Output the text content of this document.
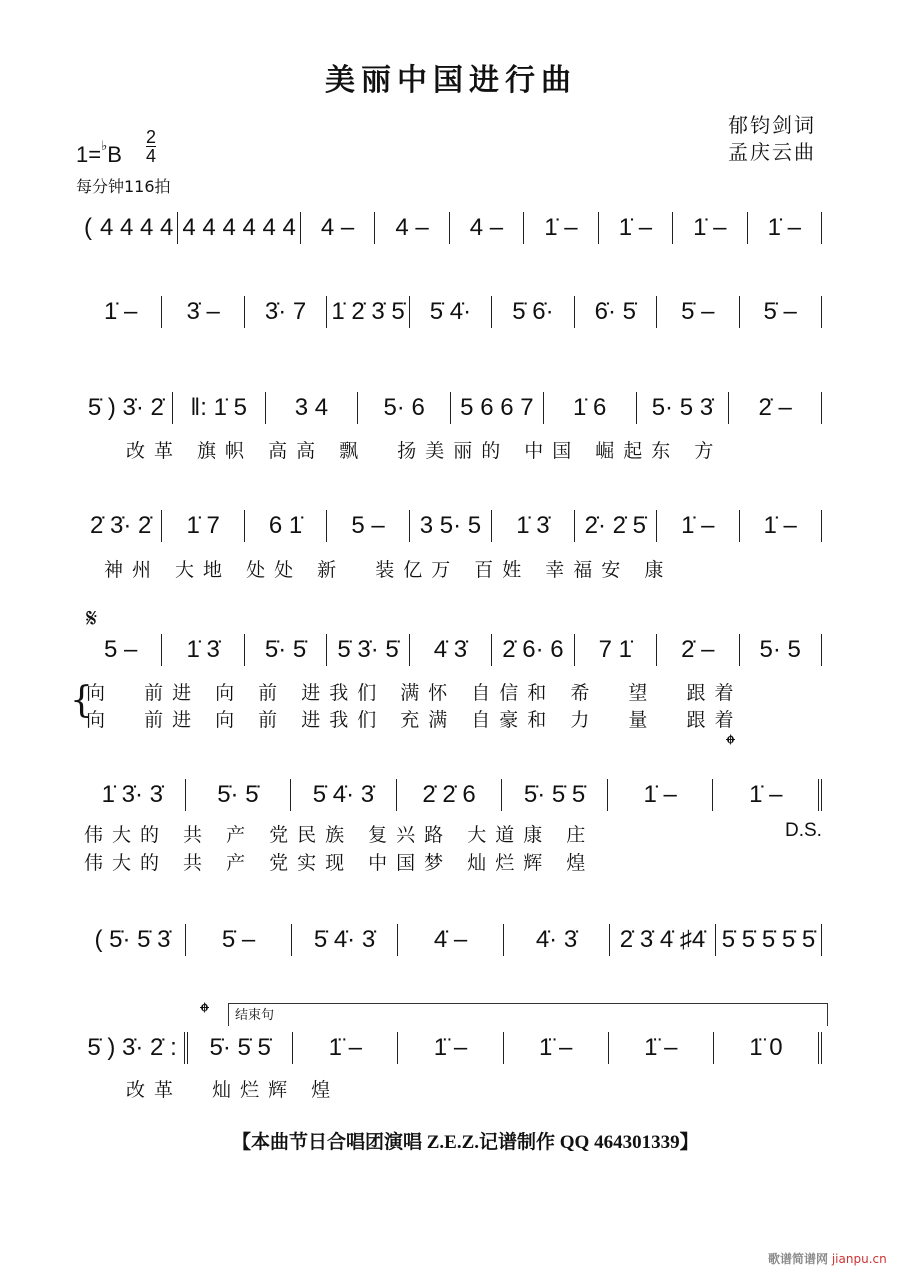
美丽中国进行曲
郁钧剑词
孟庆云曲
1=♭B
2
4
每分钟116拍
( 4 4 4 4 4 4 4 4 4 4	4 –	4 –	4 –	1̇ –	1̇ –	1̇ –	1̇ –
1̇ –	3̇ –	3̇· 7	1̇ 2̇ 3̇ 5̇	5̇ 4̇·	5̇ 6̇·	6̇· 5̇	5̇ –	5̇ –
5̇ ) 3̇· 2̇	‖: 1̇ 5	3 4	5· 6	5 6 6 7	1̇ 6	5· 5 3̇	2̇ –
2̇ 3̇· 2̇	1̇ 7	6 1̇	5 –	3 5· 5	1̇ 3̇	2̇· 2̇ 5̇	1̇ –	1̇ –
5 –	1̇ 3̇	5̇· 5̇	5̇ 3̇· 5̇	4̇ 3̇	2̇ 6· 6	7 1̇	2̇ –	5· 5
1̇ 3̇· 3̇	5̇· 5̇	5̇ 4̇· 3̇	2̇ 2̇ 6	5̇· 5̇ 5̇	1̇ –	1̇ –
( 5̇· 5̇ 3̇	5̇ –	5̇ 4̇· 3̇	4̇ –	4̇· 3̇	2̇ 3̇ 4̇ ♯4̇ 5̇ 5̇ 5̇ 5̇ 5̇
5̇ ) 3̇· 2̇ :	5̇· 5̇ 5̇	1̈ –	1̈ –	1̈ –	1̈ –	1̈ 0
改革 旗帜 高高 飘  扬美丽的 中国 崛起东 方
神州 大地 处处 新  装亿万 百姓 幸福安 康
向  前进 向 前 进我们 满怀 自信和 希  望  跟着
向  前进 向 前 进我们 充满 自豪和 力  量  跟着
{
伟大的 共 产 党民族 复兴路 大道康 庄
伟大的 共 产 党实现 中国梦 灿烂辉 煌
D.S.
改革  灿烂辉 煌
𝄋
𝄌
𝄌	结束句
【本曲节日合唱团演唱 Z.E.Z.记谱制作 QQ 464301339】
歌谱简谱网 jianpu.cn
